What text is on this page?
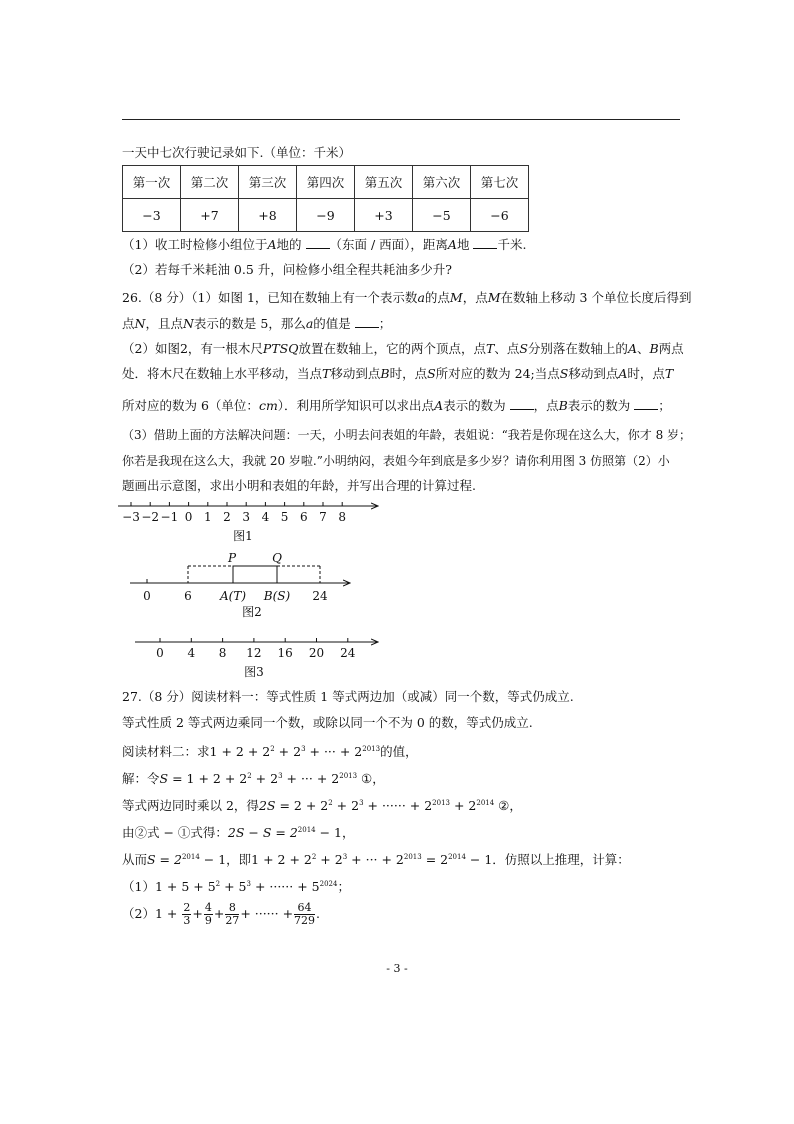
一天中七次行驶记录如下.（单位：千米）
第一次	第二次	第三次	第四次	第五次	第六次	第七次
−3	+7	+8	−9	+3	−5	−6
（1）收工时检修小组位于A地的 （东面 / 西面），距离A地 千米.
（2）若每千米耗油 0.5 升，问检修小组全程共耗油多少升?
26.（8 分）（1）如图 1，已知在数轴上有一个表示数a的点M，点M在数轴上移动 3 个单位长度后得到
点N，且点N表示的数是 5，那么a的值是 ；
（2）如图2，有一根木尺PTSQ放置在数轴上，它的两个顶点，点T、点S分别落在数轴上的A、B两点
处．将木尺在数轴上水平移动，当点T移动到点B时，点S所对应的数为 24;当点S移动到点A时，点T
所对应的数为 6（单位：cm）．利用所学知识可以求出点A表示的数为 ，点B表示的数为 ；
（3）借助上面的方法解决问题：一天，小明去问表姐的年龄，表姐说：“我若是你现在这么大，你才 8 岁；
你若是我现在这么大，我就 20 岁啦.”小明纳闷，表姐今年到底是多少岁？请你利用图 3 仿照第（2）小
题画出示意图，求出小明和表姐的年龄，并写出合理的计算过程.
−3 −2 −1 0 1 2 3 4 5 6 7 8
图1
0	6 A(T) B(S) 24
P	Q
图2
0 4 8 12 16 20 24
图3
27.（8 分）阅读材料一：等式性质 1 等式两边加（或减）同一个数，等式仍成立.
等式性质 2 等式两边乘同一个数，或除以同一个不为 0 的数，等式仍成立.
阅读材料二：求$1 + 2 + 2^2 + 2^3$ + ··· + $2^{2013}$的值，
解：令$S = 1 + 2 + 2^2 + 2^3$ + ··· + $2^{2013}$ ①，
等式两边同时乘以 2，得$2S = 2 + 2^2 + 2^3$ + ······ + $2^{2013} + 2^{2014}$ ②，
由②式 − ①式得：$2S - S = 2^{2014} - 1$，
从而$S = 2^{2014} - 1$，即$1 + 2 + 2^2 + 2^3$ + ··· + $2^{2013} = 2^{2014} - 1$．仿照以上推理，计算：
$(1)1 + 5 + 5^2 + 5^3$ + ······ + $5^{2024}$；
$(2)1 + \frac{2}{3} + \frac{4}{9} + \frac{8}{27}$ + ······ + $\frac{64}{729}$ .
- 3 -
